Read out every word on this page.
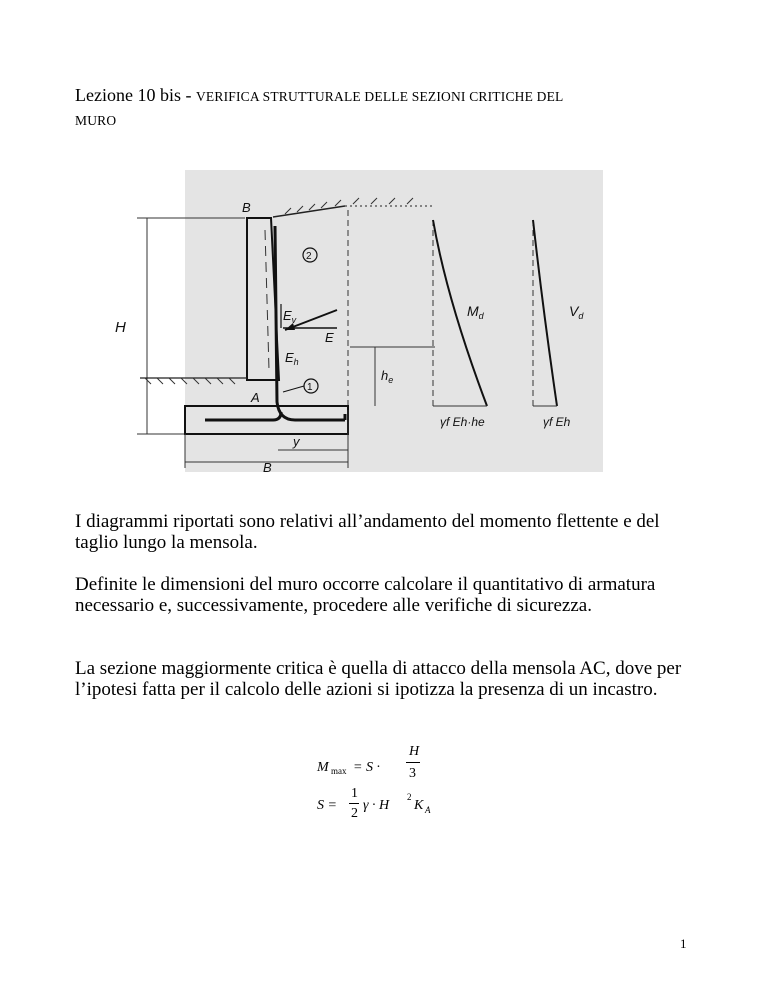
Lezione 10 bis - VERIFICA STRUTTURALE DELLE SEZIONI CRITICHE DEL
MURO
B
H
$E_v$
E
$E_h$
A
1
2
$h_e$
y
B
$M_d$	$V_d$
γf Eh·he	γf Eh
I diagrammi riportati sono relativi all’andamento del momento flettente e del taglio lungo la mensola.
Definite le dimensioni del muro occorre calcolare il quantitativo di armatura necessario e, successivamente, procedere alle verifiche di sicurezza.
La sezione maggiormente critica è quella di attacco della mensola AC, dove per l’ipotesi fatta per il calcolo delle azioni si ipotizza la presenza di un incastro.
M max = S ·
H
3
S =
1
2
γ · H
2
K A
1
